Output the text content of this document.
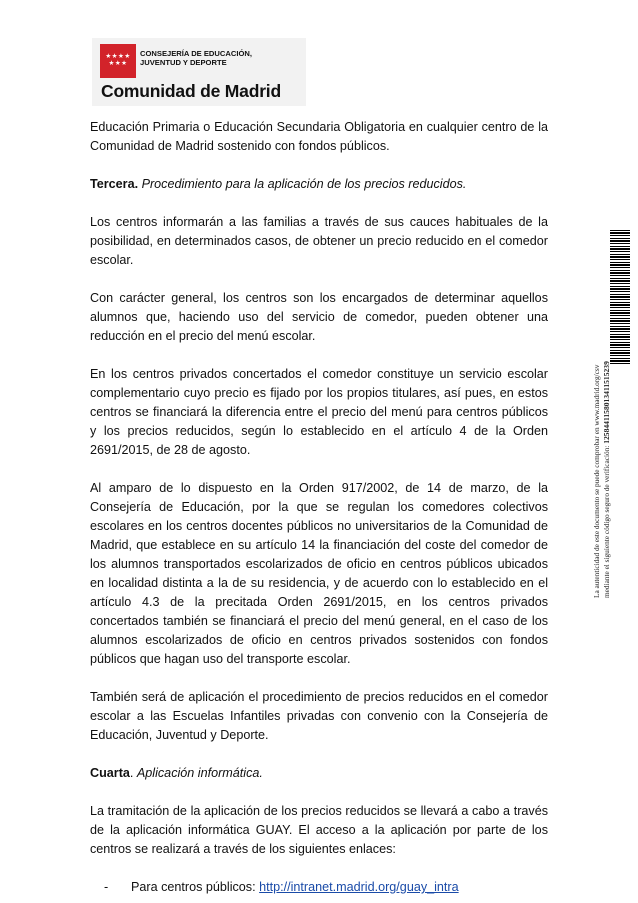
★★★★
★★★
CONSEJERÍA DE EDUCACIÓN,
JUVENTUD Y DEPORTE
Comunidad de Madrid

Educación Primaria o Educación Secundaria Obligatoria en cualquier centro de la Comunidad de Madrid sostenido con fondos públicos.

Tercera. Procedimiento para la aplicación de los precios reducidos.

Los centros informarán a las familias a través de sus cauces habituales de la posibilidad, en determinados casos, de obtener un precio reducido en el comedor escolar.

Con carácter general, los centros son los encargados de determinar aquellos alumnos que, haciendo uso del servicio de comedor, pueden obtener una reducción en el precio del menú escolar.

En los centros privados concertados el comedor constituye un servicio escolar complementario cuyo precio es fijado por los propios titulares, así pues, en estos centros se financiará la diferencia entre el precio del menú para centros públicos y los precios reducidos, según lo establecido en el artículo 4 de la Orden 2691/2015, de 28 de agosto.

Al amparo de lo dispuesto en la Orden 917/2002, de 14 de marzo, de la Consejería de Educación, por la que se regulan los comedores colectivos escolares en los centros docentes públicos no universitarios de la Comunidad de Madrid, que establece en su artículo 14 la financiación del coste del comedor de los alumnos transportados escolarizados de oficio en centros públicos ubicados en localidad distinta a la de su residencia, y de acuerdo con lo establecido en el artículo 4.3 de la precitada Orden 2691/2015, en los centros privados concertados también se financiará el precio del menú general, en el caso de los alumnos escolarizados de oficio en centros privados sostenidos con fondos públicos que hagan uso del transporte escolar.

También será de aplicación el procedimiento de precios reducidos en el comedor escolar a las Escuelas Infantiles privadas con convenio con la Consejería de Educación, Juventud y Deporte.

Cuarta. Aplicación informática.

La tramitación de la aplicación de los precios reducidos se llevará a cabo a través de la aplicación informática GUAY. El acceso a la aplicación por parte de los centros se realizará a través de los siguientes enlaces:

-	Para centros públicos: http://intranet.madrid.org/guay_intra
La autenticidad de este documento se puede comprobar en www.madrid.org/csv mediante el siguiente código seguro de verificación: 1258441158013411515239
